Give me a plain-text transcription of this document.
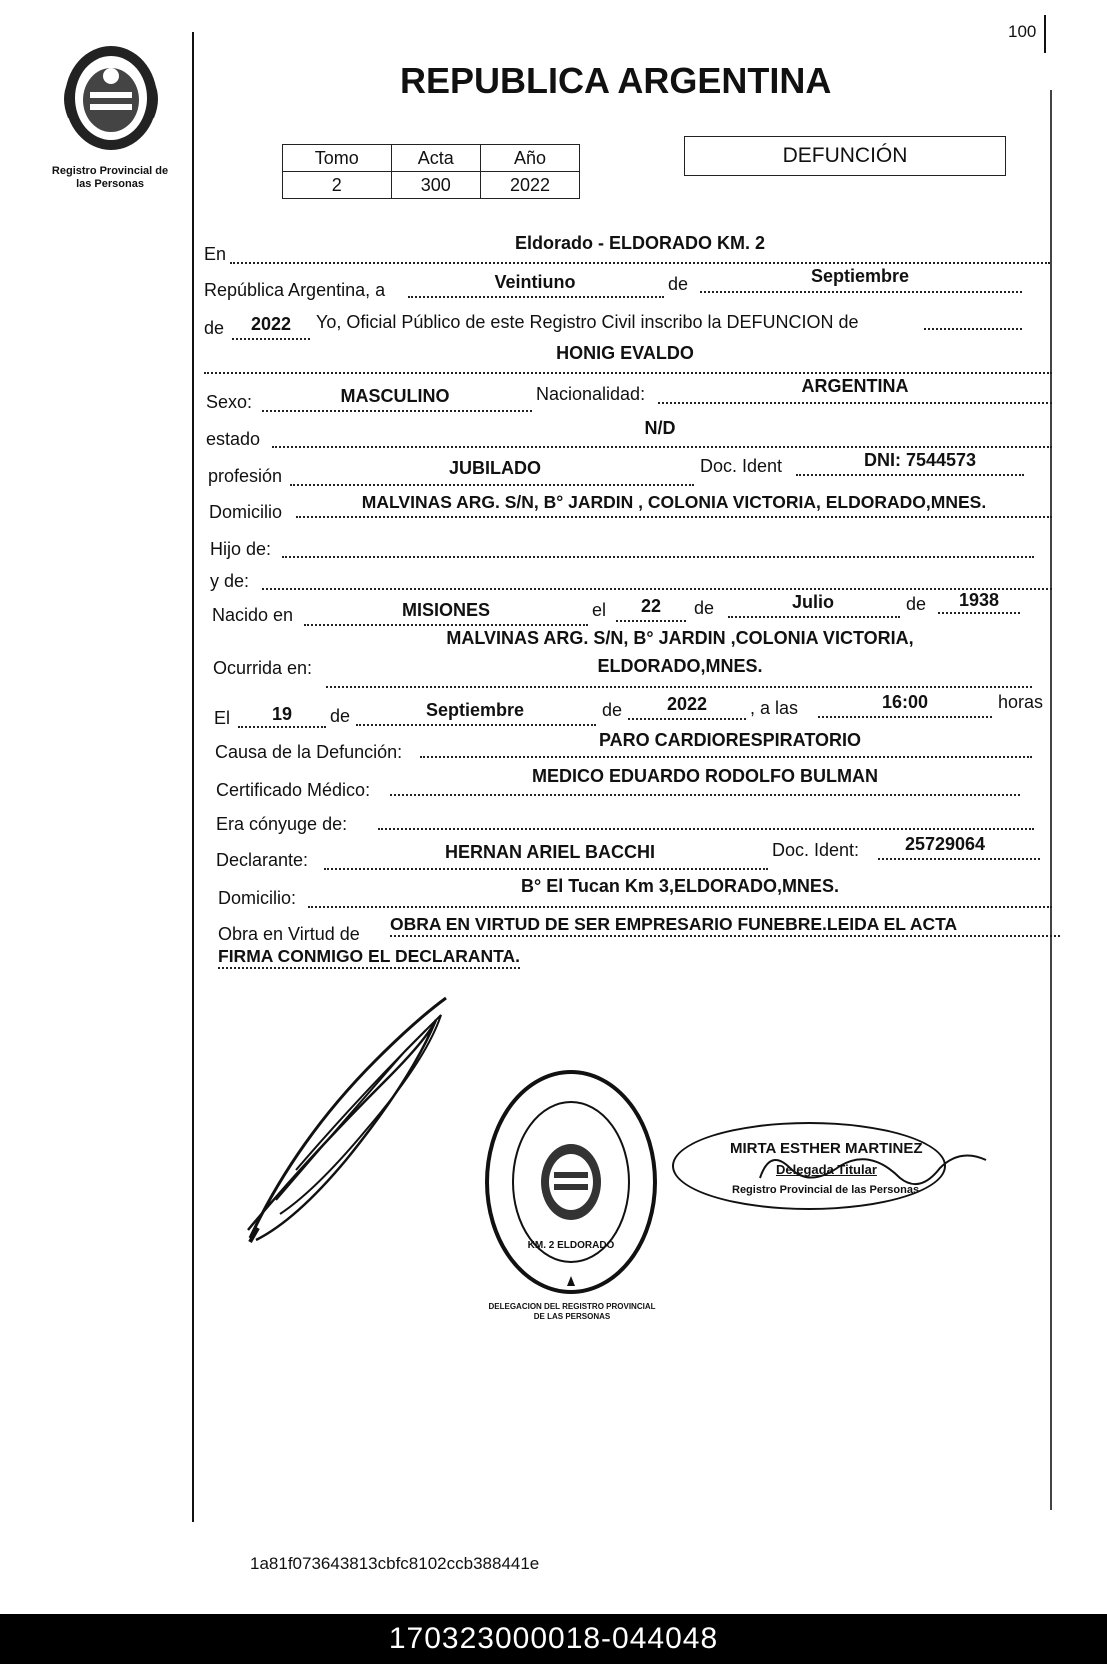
100
Registro Provincial de
las Personas
REPUBLICA ARGENTINA
Tomo	Acta	Año
2	300	2022
DEFUNCIÓN
En
Eldorado - ELDORADO KM. 2
República Argentina, a	Veintiuno	de	Septiembre
de	2022	Yo, Oficial Público de este Registro Civil inscribo la DEFUNCION de
HONIG EVALDO
Sexo:	MASCULINO	Nacionalidad:	ARGENTINA
estado
N/D
profesión	JUBILADO	Doc. Ident	DNI: 7544573
Domicilio	MALVINAS ARG. S/N, B° JARDIN , COLONIA VICTORIA, ELDORADO,MNES.
Hijo de:
y de:
Nacido en	MISIONES	el	22	de	Julio	de	1938
MALVINAS ARG. S/N, B° JARDIN ,COLONIA VICTORIA,
Ocurrida en:	ELDORADO,MNES.
El	19	de	Septiembre	de	2022	, a las	16:00	horas
Causa de la Defunción:
PARO CARDIORESPIRATORIO
Certificado Médico:
MEDICO EDUARDO RODOLFO BULMAN
Era cónyuge de:
Declarante:	HERNAN ARIEL BACCHI	Doc. Ident:	25729064
Domicilio:
B° El Tucan Km 3,ELDORADO,MNES.
Obra en Virtud de OBRA EN VIRTUD DE SER EMPRESARIO FUNEBRE.LEIDA EL ACTA
FIRMA CONMIGO EL DECLARANTA.
KM. 2 ELDORADO
DELEGACION DEL REGISTRO PROVINCIAL DE LAS PERSONAS
MIRTA ESTHER MARTINEZ
Delegada Titular
Registro Provincial de las Personas
1a81f073643813cbfc8102ccb388441e
170323000018-044048
